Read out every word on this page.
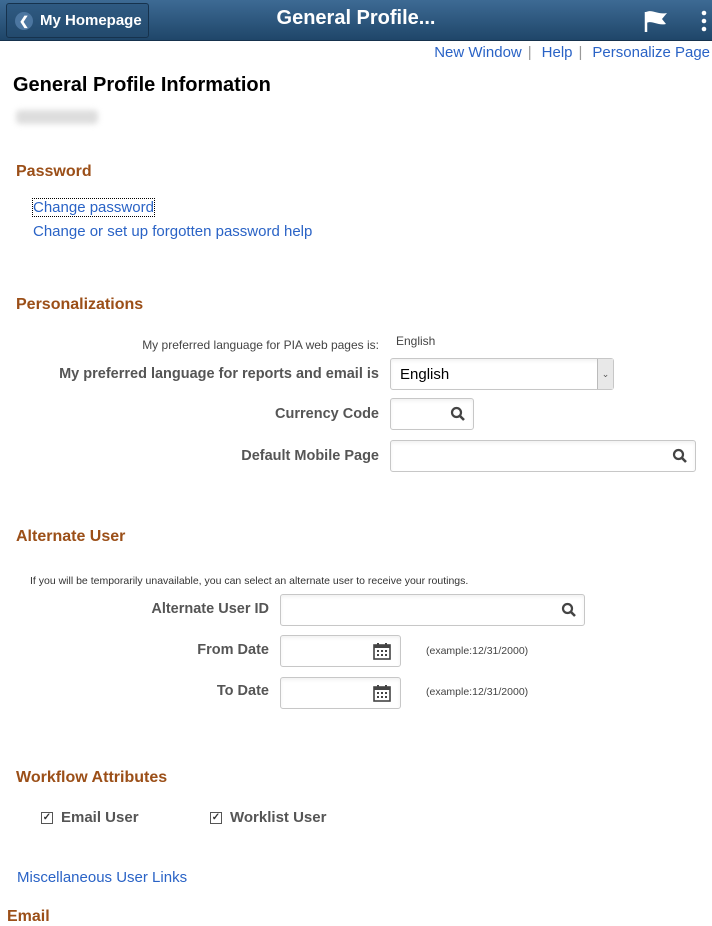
❮ My Homepage	General Profile...
New Window | Help | Personalize Page
General Profile Information
Password
Change password
Change or set up forgotten password help
Personalizations
My preferred language for PIA web pages is: English
My preferred language for reports and email is English	⌄
Currency Code
Default Mobile Page
Alternate User
If you will be temporarily unavailable, you can select an alternate user to receive your routings.
Alternate User ID
From Date	(example:12/31/2000)
To Date	(example:12/31/2000)
Workflow Attributes
✓ Email User	✓ Worklist User
Miscellaneous User Links
Email
